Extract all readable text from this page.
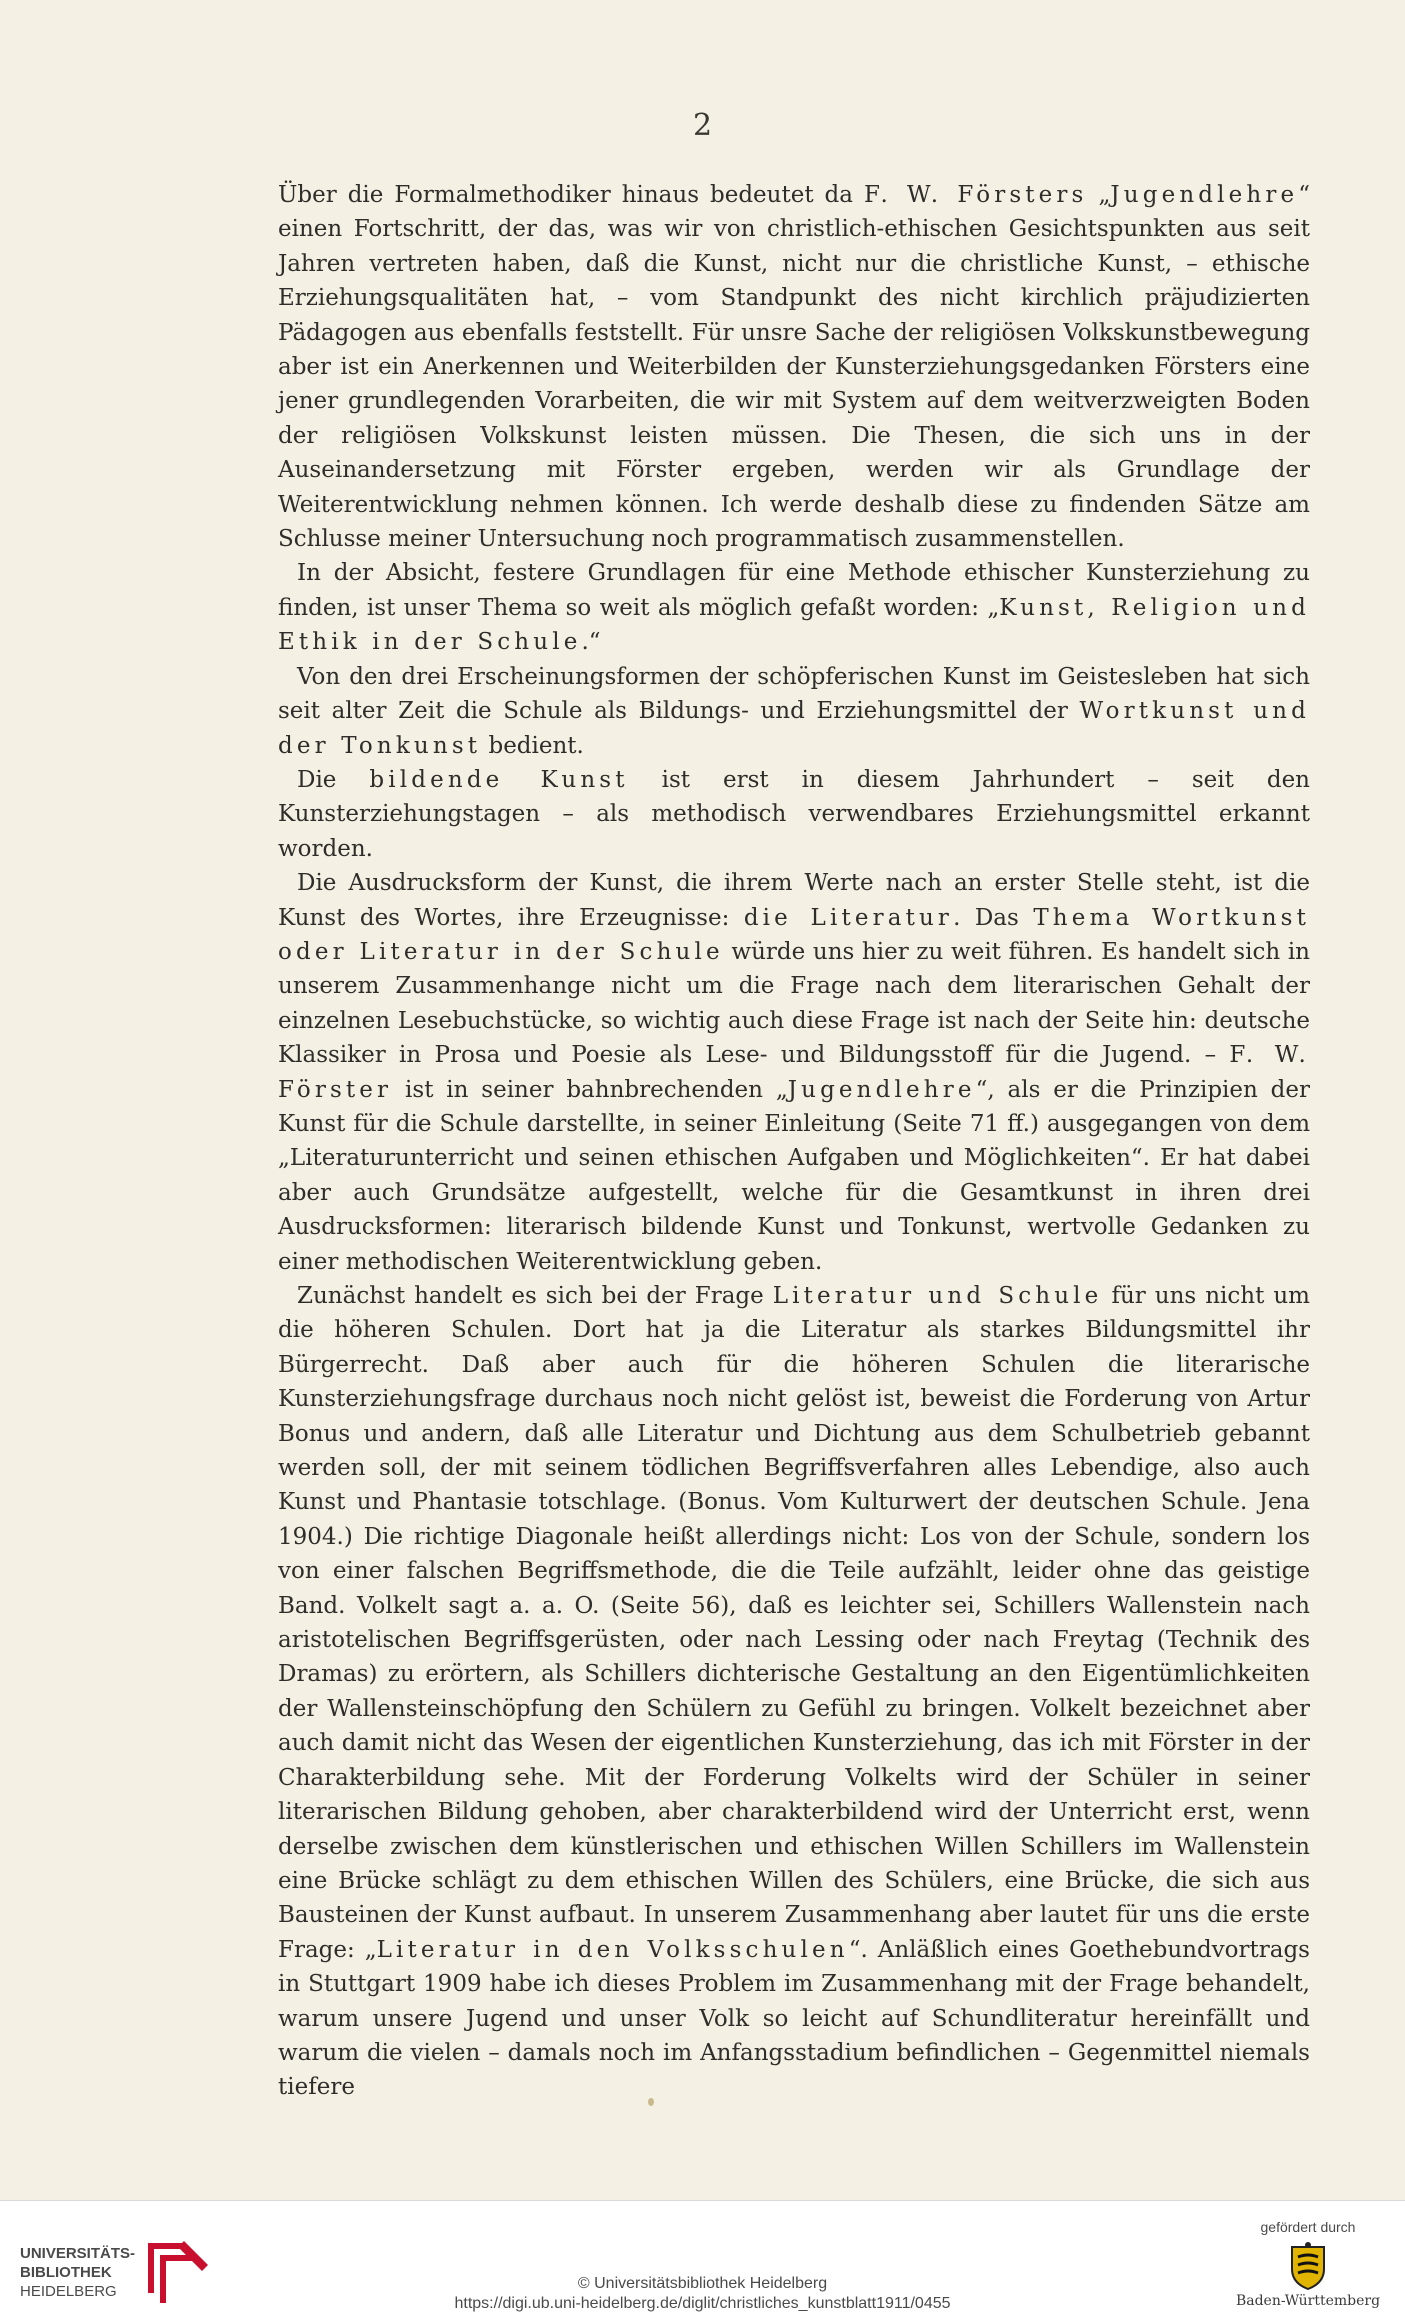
2

Über die Formalmethodiker hinaus bedeutet da F. W. Försters „Jugendlehre“ einen Fortschritt, der das, was wir von christlich-ethischen Gesichtspunkten aus seit Jahren vertreten haben, daß die Kunst, nicht nur die christliche Kunst, – ethische Erziehungsqualitäten hat, – vom Standpunkt des nicht kirchlich präjudizierten Pädagogen aus ebenfalls feststellt. Für unsre Sache der religiösen Volkskunstbewegung aber ist ein Anerkennen und Weiterbilden der Kunsterziehungsgedanken Försters eine jener grundlegenden Vorarbeiten, die wir mit System auf dem weitverzweigten Boden der religiösen Volkskunst leisten müssen. Die Thesen, die sich uns in der Auseinandersetzung mit Förster ergeben, werden wir als Grundlage der Weiterentwicklung nehmen können. Ich werde deshalb diese zu findenden Sätze am Schlusse meiner Untersuchung noch programmatisch zusammenstellen.

In der Absicht, festere Grundlagen für eine Methode ethischer Kunsterziehung zu finden, ist unser Thema so weit als möglich gefaßt worden: „Kunst, Religion und Ethik in der Schule.“

Von den drei Erscheinungsformen der schöpferischen Kunst im Geistesleben hat sich seit alter Zeit die Schule als Bildungs- und Erziehungsmittel der Wortkunst und der Tonkunst bedient.

Die bildende Kunst ist erst in diesem Jahrhundert – seit den Kunsterziehungstagen – als methodisch verwendbares Erziehungsmittel erkannt worden.

Die Ausdrucksform der Kunst, die ihrem Werte nach an erster Stelle steht, ist die Kunst des Wortes, ihre Erzeugnisse: die Literatur. Das Thema Wortkunst oder Literatur in der Schule würde uns hier zu weit führen. Es handelt sich in unserem Zusammenhange nicht um die Frage nach dem literarischen Gehalt der einzelnen Lesebuchstücke, so wichtig auch diese Frage ist nach der Seite hin: deutsche Klassiker in Prosa und Poesie als Lese- und Bildungsstoff für die Jugend. – F. W. Förster ist in seiner bahnbrechenden „Jugendlehre“, als er die Prinzipien der Kunst für die Schule darstellte, in seiner Einleitung (Seite 71 ff.) ausgegangen von dem „Literaturunterricht und seinen ethischen Aufgaben und Möglichkeiten“. Er hat dabei aber auch Grundsätze aufgestellt, welche für die Gesamtkunst in ihren drei Ausdrucksformen: literarisch bildende Kunst und Tonkunst, wertvolle Gedanken zu einer methodischen Weiterentwicklung geben.

Zunächst handelt es sich bei der Frage Literatur und Schule für uns nicht um die höheren Schulen. Dort hat ja die Literatur als starkes Bildungsmittel ihr Bürgerrecht. Daß aber auch für die höheren Schulen die literarische Kunsterziehungsfrage durchaus noch nicht gelöst ist, beweist die Forderung von Artur Bonus und andern, daß alle Literatur und Dichtung aus dem Schulbetrieb gebannt werden soll, der mit seinem tödlichen Begriffsverfahren alles Lebendige, also auch Kunst und Phantasie totschlage. (Bonus. Vom Kulturwert der deutschen Schule. Jena 1904.) Die richtige Diagonale heißt allerdings nicht: Los von der Schule, sondern los von einer falschen Begriffsmethode, die die Teile aufzählt, leider ohne das geistige Band. Volkelt sagt a. a. O. (Seite 56), daß es leichter sei, Schillers Wallenstein nach aristotelischen Begriffsgerüsten, oder nach Lessing oder nach Freytag (Technik des Dramas) zu erörtern, als Schillers dichterische Gestaltung an den Eigentümlichkeiten der Wallensteinschöpfung den Schülern zu Gefühl zu bringen. Volkelt bezeichnet aber auch damit nicht das Wesen der eigentlichen Kunsterziehung, das ich mit Förster in der Charakterbildung sehe. Mit der Forderung Volkelts wird der Schüler in seiner literarischen Bildung gehoben, aber charakterbildend wird der Unterricht erst, wenn derselbe zwischen dem künstlerischen und ethischen Willen Schillers im Wallenstein eine Brücke schlägt zu dem ethischen Willen des Schülers, eine Brücke, die sich aus Bausteinen der Kunst aufbaut. In unserem Zusammenhang aber lautet für uns die erste Frage: „Literatur in den Volksschulen“. Anläßlich eines Goethebundvortrags in Stuttgart 1909 habe ich dieses Problem im Zusammenhang mit der Frage behandelt, warum unsere Jugend und unser Volk so leicht auf Schundliteratur hereinfällt und warum die vielen – damals noch im Anfangsstadium befindlichen – Gegenmittel niemals tiefere

UNIVERSITÄTS-
BIBLIOTHEK
HEIDELBERG	© Universitätsbibliothek Heidelberg
https://digi.ub.uni-heidelberg.de/diglit/christliches_kunstblatt1911/0455
gefördert durch
Baden-Württemberg
